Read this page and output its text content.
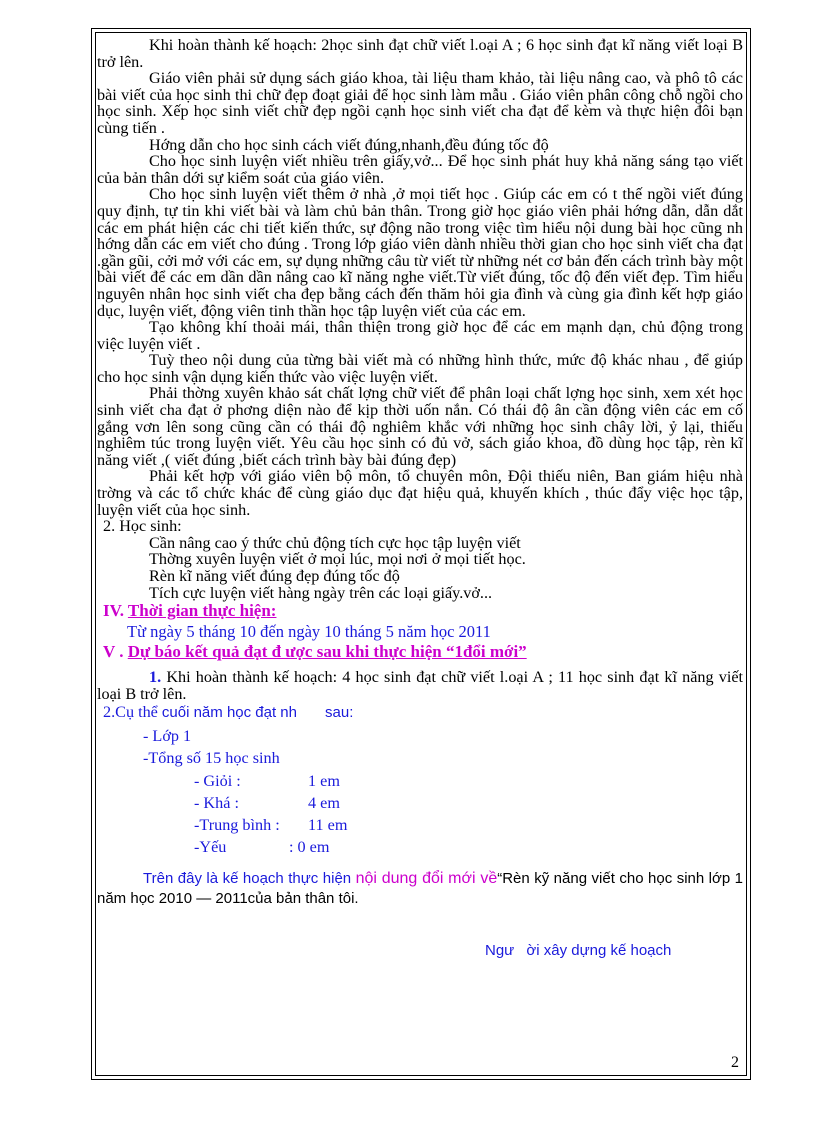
Khi hoàn thành kế hoạch: 2học sinh đạt chữ viết l.oại A ; 6 học sinh đạt kĩ năng viết loại B trở lên.

Giáo viên phải sử dụng sách giáo khoa, tài liệu tham khảo, tài liệu nâng cao, và phô tô các bài viết của học sinh thi chữ đẹp đoạt giải để học sinh làm mẫu . Giáo viên phân công chỗ ngồi cho học sinh. Xếp học sinh viết chữ đẹp ngồi cạnh học sinh viết cha đạt để kèm và thực hiện đôi bạn cùng tiến .

Hớng dẫn cho học sinh cách viết đúng,nhanh,đều đúng tốc độ

Cho học sinh luyện viết nhiều trên giấy,vở... Để học sinh phát huy khả năng sáng tạo viết của bản thân dới sự kiểm soát của giáo viên.

Cho học sinh luyện viết thêm ở nhà ,ở mọi tiết học . Giúp các em có t thế ngồi viết đúng quy định, tự tin khi viết bài và làm chủ bản thân. Trong giờ học giáo viên phải hớng dẫn, dẫn dắt các em phát hiện các chi tiết kiến thức, sự động não trong việc tìm hiểu nội dung bài học cũng nh hớng dẫn các em viết cho đúng . Trong lớp giáo viên dành nhiều thời gian cho học sinh viết cha đạt .gần gũi, cởi mở với các em, sự dụng những câu từ viết từ những nét cơ bản đến cách trình bày một bài viết để các em dần dần nâng cao kĩ năng nghe viết.Từ viết đúng, tốc độ đến viết đẹp. Tìm hiểu nguyên nhân học sinh viết cha đẹp bằng cách đến thăm hỏi gia đình và cùng gia đình kết hợp giáo dục, luyện viết, động viên tinh thần học tập luyện viết của các em.

Tạo không khí thoải mái, thân thiện trong giờ học để các em mạnh dạn, chủ động trong việc luyện viết .

Tuỳ theo nội dung của từng bài viết mà có những hình thức, mức độ khác nhau , để giúp cho học sinh vận dụng kiến thức vào việc luyện viết.

Phải thờng xuyên khảo sát chất lợng chữ viết để phân loại chất lợng học sinh, xem xét học sinh viết cha đạt ở phơng diện nào để kịp thời uốn nắn. Có thái độ ân cần động viên các em cố gắng vơn lên song cũng cần có thái độ nghiêm khắc với những học sinh chây lời, ỷ lại, thiếu nghiêm túc trong luyện viết. Yêu cầu học sinh có đủ vở, sách giáo khoa, đồ dùng học tập, rèn kĩ năng viết ,( viết đúng ,biết cách trình bày bài đúng đẹp)

Phải kết hợp với giáo viên bộ môn, tổ chuyên môn, Đội thiếu niên, Ban giám hiệu nhà trờng và các tổ chức khác để cùng giáo dục đạt hiệu quả, khuyến khích , thúc đẩy việc học tập, luyện viết của học sinh.

2. Học sinh:

Cần nâng cao ý thức chủ động tích cực học tập luyện viết

Thờng xuyên luyện viết ở mọi lúc, mọi nơi ở mọi tiết học.

Rèn kĩ năng viết đúng đẹp đúng tốc độ

Tích cực luyện viết hàng ngày trên các loại giấy.vở...

IV. Thời gian thực hiện:

Từ ngày 5 tháng 10 đến ngày 10 tháng 5 năm học 2011

V . Dự báo kết quả đạt đ ược sau khi thực hiện “1đổi mới”

1. Khi hoàn thành kế hoạch: 4 học sinh đạt chữ viết l.oại A ; 11 học sinh đạt kĩ năng viết loại B trở lên.

2.Cụ thể cuối năm học đạt nh sau:

- Lớp 1

-Tổng số 15 học sinh

- Giỏi :	1 em
- Khá :	4 em
-Trung bình :	11 em
-Yếu	: 0 em

Trên đây là kế hoạch thực hiện nội dung đổi mới về“Rèn kỹ năng viết cho học sinh lớp 1 năm học 2010 — 2011của bản thân tôi.

Ngư ời xây dựng kế hoạch

2
